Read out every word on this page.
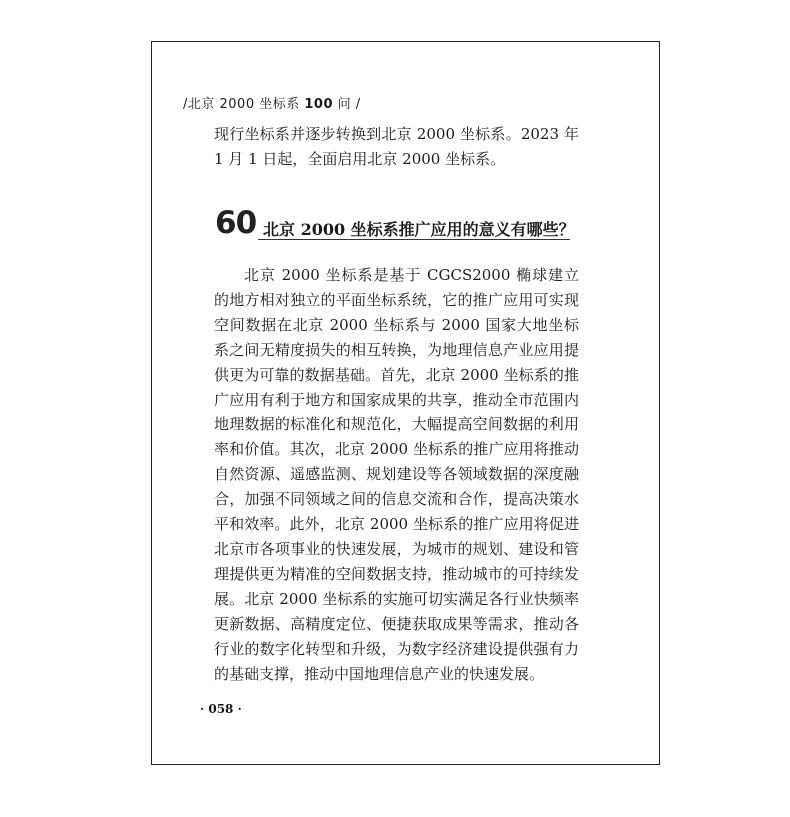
/北京 2000 坐标系 100 问 /

现行坐标系并逐步转换到北京 2000 坐标系。2023 年 1 月 1 日起，全面启用北京 2000 坐标系。

60 北京 2000 坐标系推广应用的意义有哪些？

北京 2000 坐标系是基于 CGCS2000 椭球建立的地方相对独立的平面坐标系统，它的推广应用可实现空间数据在北京 2000 坐标系与 2000 国家大地坐标系之间无精度损失的相互转换，为地理信息产业应用提供更为可靠的数据基础。首先，北京 2000 坐标系的推广应用有利于地方和国家成果的共享，推动全市范围内地理数据的标准化和规范化，大幅提高空间数据的利用率和价值。其次，北京 2000 坐标系的推广应用将推动自然资源、遥感监测、规划建设等各领域数据的深度融合，加强不同领域之间的信息交流和合作，提高决策水平和效率。此外，北京 2000 坐标系的推广应用将促进北京市各项事业的快速发展，为城市的规划、建设和管理提供更为精准的空间数据支持，推动城市的可持续发展。北京 2000 坐标系的实施可切实满足各行业快频率更新数据、高精度定位、便捷获取成果等需求，推动各行业的数字化转型和升级，为数字经济建设提供强有力的基础支撑，推动中国地理信息产业的快速发展。

· 058 ·
